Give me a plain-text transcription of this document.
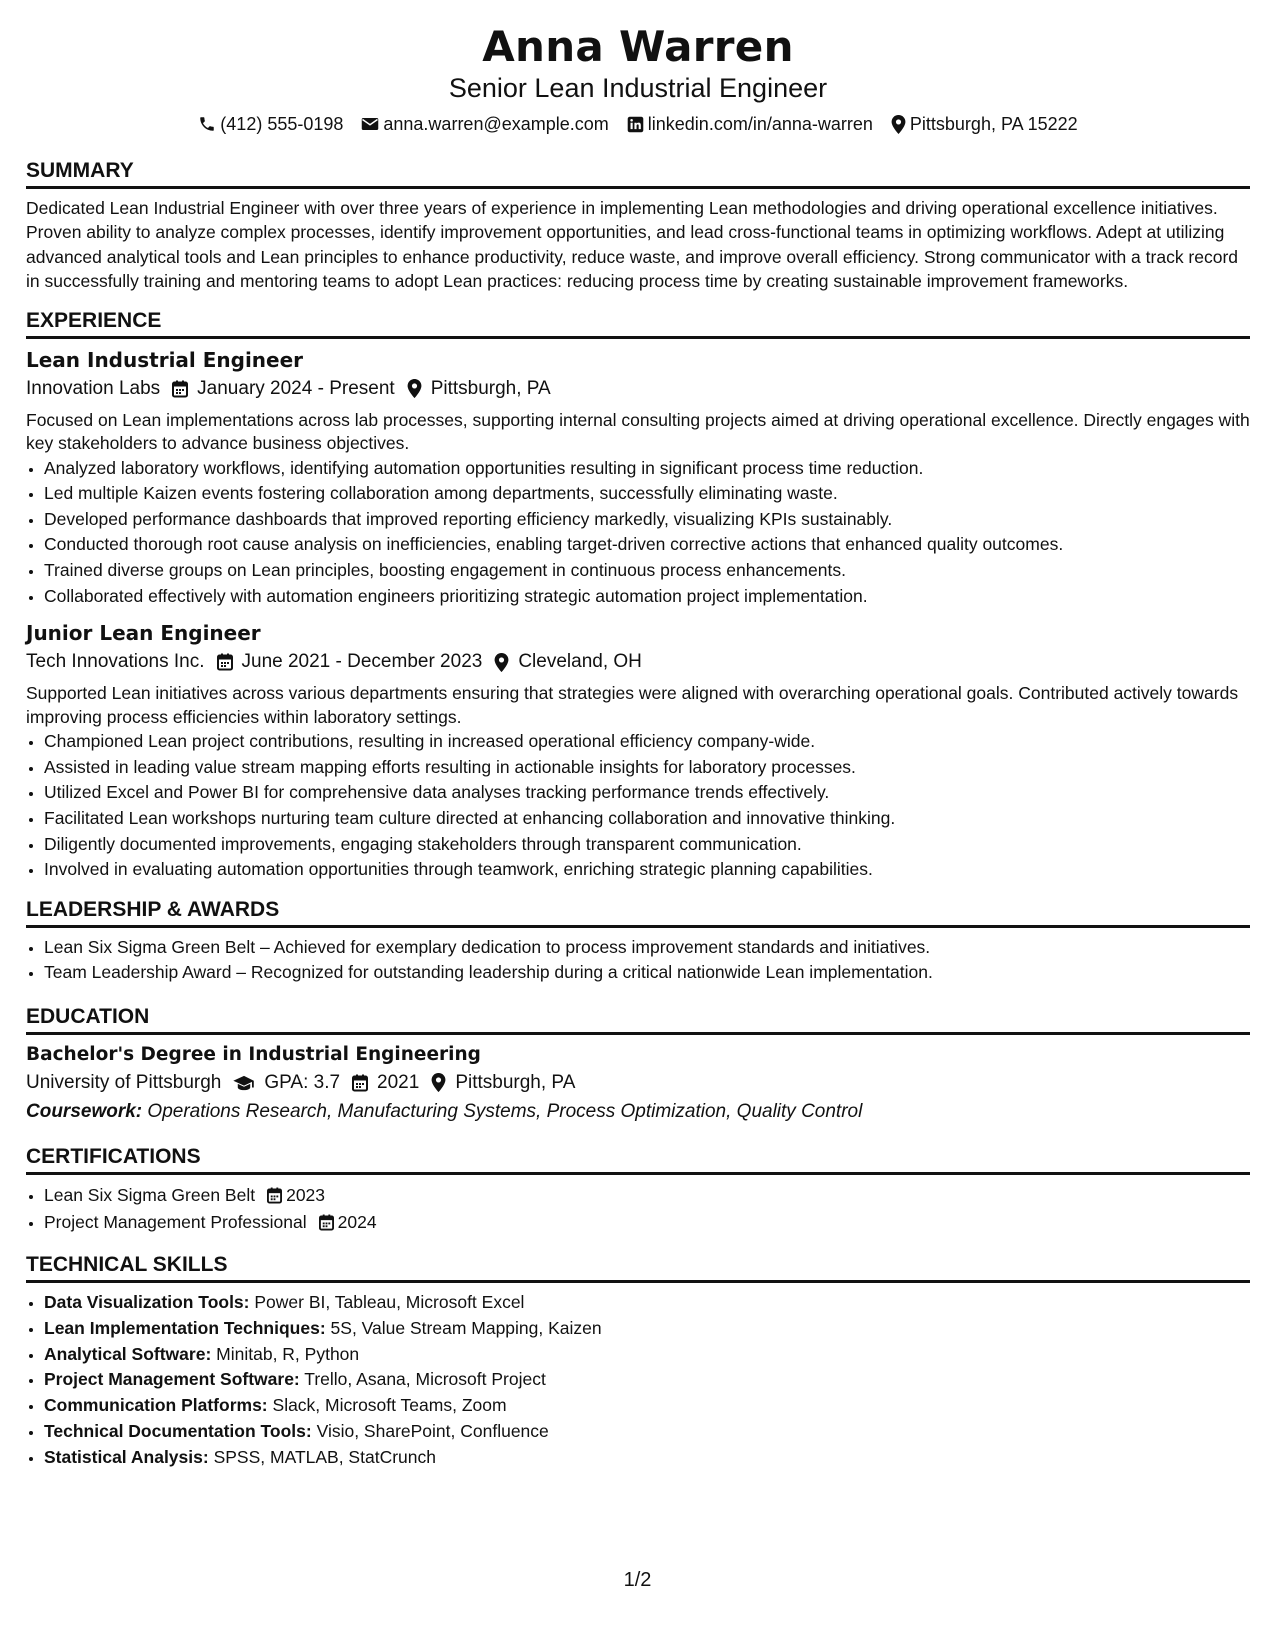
Anna Warren
Senior Lean Industrial Engineer
(412) 555-0198 anna.warren@example.com linkedin.com/in/anna-warren Pittsburgh, PA 15222
SUMMARY

Dedicated Lean Industrial Engineer with over three years of experience in implementing Lean methodologies and driving operational excellence initiatives. Proven ability to analyze complex processes, identify improvement opportunities, and lead cross-functional teams in optimizing workflows. Adept at utilizing advanced analytical tools and Lean principles to enhance productivity, reduce waste, and improve overall efficiency. Strong communicator with a track record in successfully training and mentoring teams to adopt Lean practices: reducing process time by creating sustainable improvement frameworks.

EXPERIENCE
Lean Industrial Engineer
Innovation Labs January 2024 - Present Pittsburgh, PA

Focused on Lean implementations across lab processes, supporting internal consulting projects aimed at driving operational excellence. Directly engages with key stakeholders to advance business objectives.

• Analyzed laboratory workflows, identifying automation opportunities resulting in significant process time reduction.
• Led multiple Kaizen events fostering collaboration among departments, successfully eliminating waste.
• Developed performance dashboards that improved reporting efficiency markedly, visualizing KPIs sustainably.
• Conducted thorough root cause analysis on inefficiencies, enabling target-driven corrective actions that enhanced quality outcomes.
• Trained diverse groups on Lean principles, boosting engagement in continuous process enhancements.
• Collaborated effectively with automation engineers prioritizing strategic automation project implementation.
Junior Lean Engineer
Tech Innovations Inc. June 2021 - December 2023 Cleveland, OH

Supported Lean initiatives across various departments ensuring that strategies were aligned with overarching operational goals. Contributed actively towards improving process efficiencies within laboratory settings.

• Championed Lean project contributions, resulting in increased operational efficiency company-wide.
• Assisted in leading value stream mapping efforts resulting in actionable insights for laboratory processes.
• Utilized Excel and Power BI for comprehensive data analyses tracking performance trends effectively.
• Facilitated Lean workshops nurturing team culture directed at enhancing collaboration and innovative thinking.
• Diligently documented improvements, engaging stakeholders through transparent communication.
• Involved in evaluating automation opportunities through teamwork, enriching strategic planning capabilities.
LEADERSHIP & AWARDS
• Lean Six Sigma Green Belt – Achieved for exemplary dedication to process improvement standards and initiatives.
• Team Leadership Award – Recognized for outstanding leadership during a critical nationwide Lean implementation.
EDUCATION
Bachelor's Degree in Industrial Engineering
University of Pittsburgh GPA: 3.7 2021 Pittsburgh, PA
Coursework: Operations Research, Manufacturing Systems, Process Optimization, Quality Control
CERTIFICATIONS
• Lean Six Sigma Green Belt 2023
• Project Management Professional 2024
TECHNICAL SKILLS
• Data Visualization Tools: Power BI, Tableau, Microsoft Excel
• Lean Implementation Techniques: 5S, Value Stream Mapping, Kaizen
• Analytical Software: Minitab, R, Python
• Project Management Software: Trello, Asana, Microsoft Project
• Communication Platforms: Slack, Microsoft Teams, Zoom
• Technical Documentation Tools: Visio, SharePoint, Confluence
• Statistical Analysis: SPSS, MATLAB, StatCrunch
1/2
